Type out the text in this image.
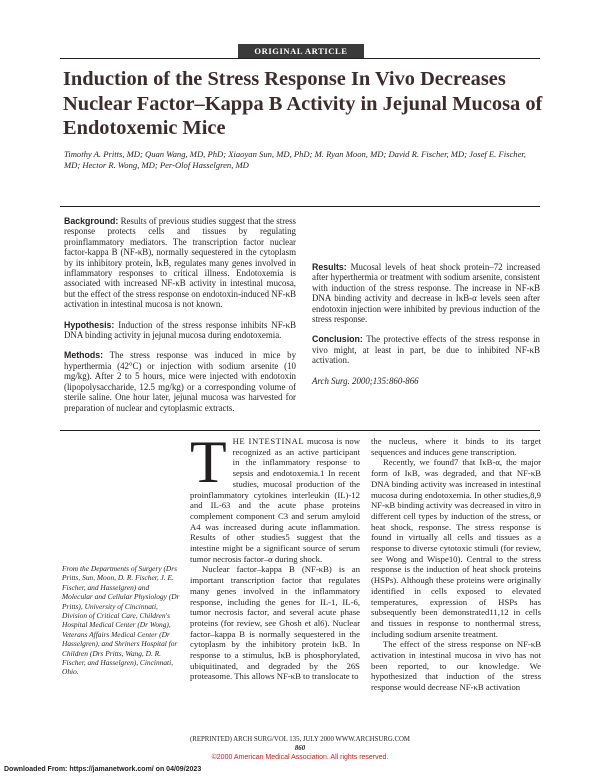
ORIGINAL ARTICLE
Induction of the Stress Response In Vivo Decreases Nuclear Factor–Kappa B Activity in Jejunal Mucosa of Endotoxemic Mice
Timothy A. Pritts, MD; Quan Wang, MD, PhD; Xiaoyan Sun, MD, PhD; M. Ryan Moon, MD; David R. Fischer, MD; Josef E. Fischer, MD; Hector R. Wong, MD; Per-Olof Hasselgren, MD

Background: Results of previous studies suggest that the stress response protects cells and tissues by regulating proinflammatory mediators. The transcription factor nuclear factor-kappa B (NF-κB), normally sequestered in the cytoplasm by its inhibitory protein, IκB, regulates many genes involved in inflammatory responses to critical illness. Endotoxemia is associated with increased NF-κB activity in intestinal mucosa, but the effect of the stress response on endotoxin-induced NF-κB activation in intestinal mucosa is not known.

Hypothesis: Induction of the stress response inhibits NF-κB DNA binding activity in jejunal mucosa during endotoxemia.

Methods: The stress response was induced in mice by hyperthermia (42°C) or injection with sodium arsenite (10 mg/kg). After 2 to 5 hours, mice were injected with endotoxin (lipopolysaccharide, 12.5 mg/kg) or a corresponding volume of sterile saline. One hour later, jejunal mucosa was harvested for preparation of nuclear and cytoplasmic extracts.

Results: Mucosal levels of heat shock protein–72 increased after hyperthermia or treatment with sodium arsenite, consistent with induction of the stress response. The increase in NF-κB DNA binding activity and decrease in IκB-α levels seen after endotoxin injection were inhibited by previous induction of the stress response.

Conclusion: The protective effects of the stress response in vivo might, at least in part, be due to inhibited NF-κB activation.

Arch Surg. 2000;135:860-866

From the Departments of Surgery (Drs Pritts, Sun, Moon, D. R. Fischer, J. E. Fischer, and Hasselgren) and Molecular and Cellular Physiology (Dr Pritts), University of Cincinnati, Division of Critical Care, Children's Hospital Medical Center (Dr Wong), Veterans Affairs Medical Center (Dr Hasselgren), and Shriners Hospital for Children (Drs Pritts, Wang, D. R. Fischer, and Hasselgren), Cincinnati, Ohio.

THE INTESTINAL mucosa is now recognized as an active participant in the inflammatory response to sepsis and endotoxemia.1 In recent studies, mucosal production of the proinflammatory cytokines interleukin (IL)-12 and IL-63 and the acute phase proteins complement component C3 and serum amyloid A4 was increased during acute inflammation. Results of other studies5 suggest that the intestine might be a significant source of serum tumor necrosis factor–α during shock.

Nuclear factor–kappa B (NF-κB) is an important transcription factor that regulates many genes involved in the inflammatory response, including the genes for IL-1, IL-6, tumor necrosis factor, and several acute phase proteins (for review, see Ghosh et al6). Nuclear factor–kappa B is normally sequestered in the cytoplasm by the inhibitory protein IκB. In response to a stimulus, IκB is phosphorylated, ubiquitinated, and degraded by the 26S proteasome. This allows NF-κB to translocate to

the nucleus, where it binds to its target sequences and induces gene transcription.

Recently, we found7 that IκB-α, the major form of IκB, was degraded, and that NF-κB DNA binding activity was increased in intestinal mucosa during endotoxemia. In other studies,8,9 NF-κB binding activity was decreased in vitro in different cell types by induction of the stress, or heat shock, response. The stress response is found in virtually all cells and tissues as a response to diverse cytotoxic stimuli (for review, see Wong and Wispe10). Central to the stress response is the induction of heat shock proteins (HSPs). Although these proteins were originally identified in cells exposed to elevated temperatures, expression of HSPs has subsequently been demonstrated11,12 in cells and tissues in response to nonthermal stress, including sodium arsenite treatment.

The effect of the stress response on NF-κB activation in intestinal mucosa in vivo has not been reported, to our knowledge. We hypothesized that induction of the stress response would decrease NF-κB activation

(REPRINTED) ARCH SURG/VOL 135, JULY 2000 WWW.ARCHSURG.COM
860
©2000 American Medical Association. All rights reserved.
Downloaded From: https://jamanetwork.com/ on 04/09/2023
